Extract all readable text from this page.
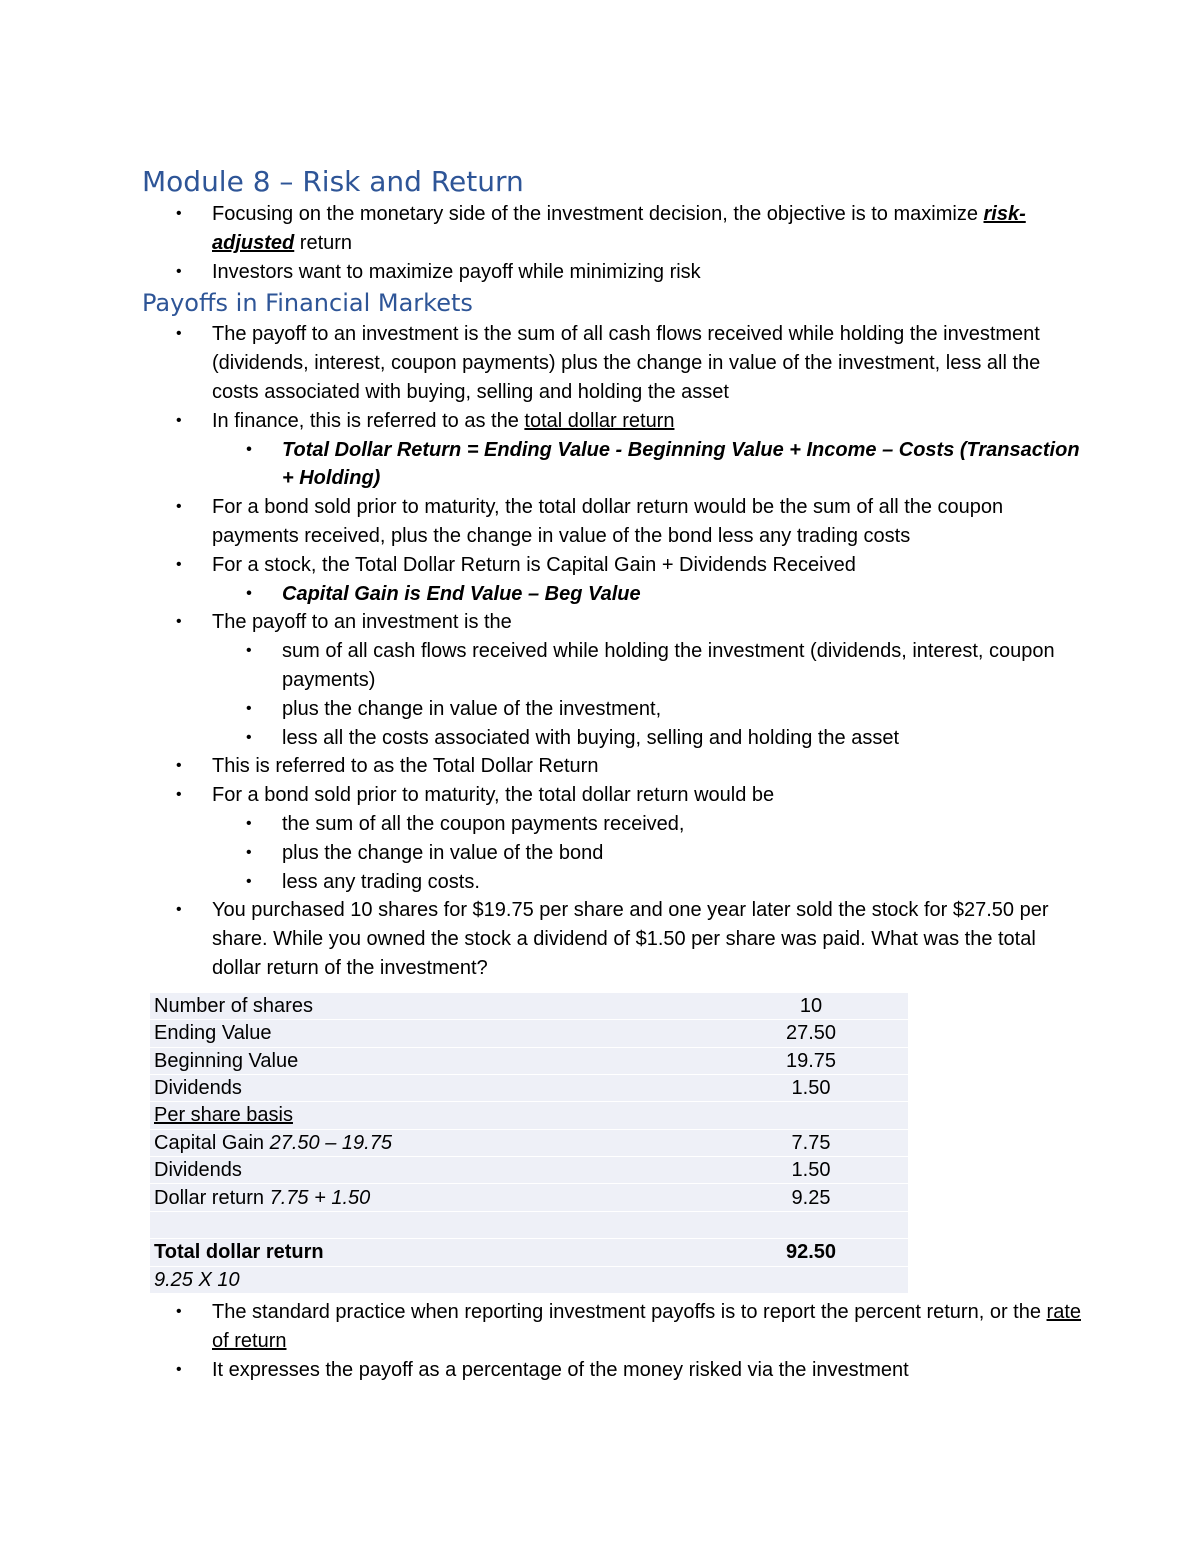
Module 8 – Risk and Return
• Focusing on the monetary side of the investment decision, the objective is to maximize risk-adjusted return
• Investors want to maximize payoff while minimizing risk
Payoffs in Financial Markets
• The payoff to an investment is the sum of all cash flows received while holding the investment (dividends, interest, coupon payments) plus the change in value of the investment, less all the costs associated with buying, selling and holding the asset
• In finance, this is referred to as the total dollar return
• Total Dollar Return = Ending Value - Beginning Value + Income – Costs (Transaction + Holding)
• For a bond sold prior to maturity, the total dollar return would be the sum of all the coupon payments received, plus the change in value of the bond less any trading costs
• For a stock, the Total Dollar Return is Capital Gain + Dividends Received
• Capital Gain is End Value – Beg Value
• The payoff to an investment is the
• sum of all cash flows received while holding the investment (dividends, interest, coupon payments)
• plus the change in value of the investment,
• less all the costs associated with buying, selling and holding the asset
• This is referred to as the Total Dollar Return
• For a bond sold prior to maturity, the total dollar return would be
• the sum of all the coupon payments received,
• plus the change in value of the bond
• less any trading costs.
• You purchased 10 shares for $19.75 per share and one year later sold the stock for $27.50 per share. While you owned the stock a dividend of $1.50 per share was paid. What was the total dollar return of the investment?
Number of shares	10
Ending Value	27.50
Beginning Value	19.75
Dividends	1.50
Per share basis	
Capital Gain 27.50 – 19.75	7.75
Dividends	1.50
Dollar return 7.75 + 1.50	9.25

Total dollar return	92.50
9.25 X 10	
• The standard practice when reporting investment payoffs is to report the percent return, or the rate of return
• It expresses the payoff as a percentage of the money risked via the investment
